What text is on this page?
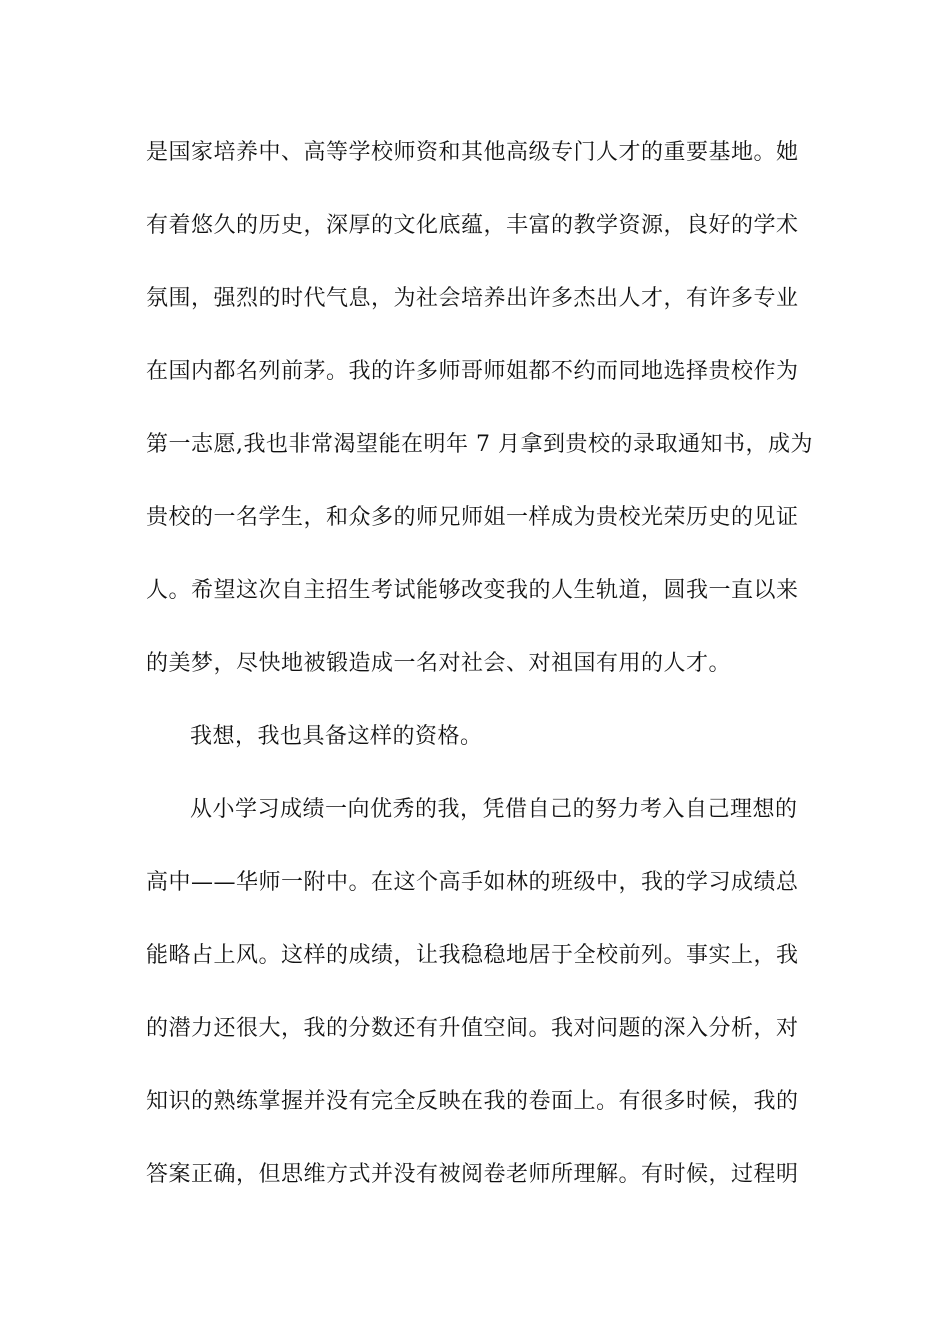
是国家培养中、高等学校师资和其他高级专门人才的重要基地。她
有着悠久的历史，深厚的文化底蕴，丰富的教学资源，良好的学术
氛围，强烈的时代气息，为社会培养出许多杰出人才，有许多专业
在国内都名列前茅。我的许多师哥师姐都不约而同地选择贵校作为
第一志愿,我也非常渴望能在明年 7 月拿到贵校的录取通知书，成为
贵校的一名学生，和众多的师兄师姐一样成为贵校光荣历史的见证
人。希望这次自主招生考试能够改变我的人生轨道，圆我一直以来
的美梦，尽快地被锻造成一名对社会、对祖国有用的人才。
我想，我也具备这样的资格。
从小学习成绩一向优秀的我，凭借自己的努力考入自己理想的
高中——华师一附中。在这个高手如林的班级中，我的学习成绩总
能略占上风。这样的成绩，让我稳稳地居于全校前列。事实上，我
的潜力还很大，我的分数还有升值空间。我对问题的深入分析，对
知识的熟练掌握并没有完全反映在我的卷面上。有很多时候，我的
答案正确，但思维方式并没有被阅卷老师所理解。有时候，过程明
